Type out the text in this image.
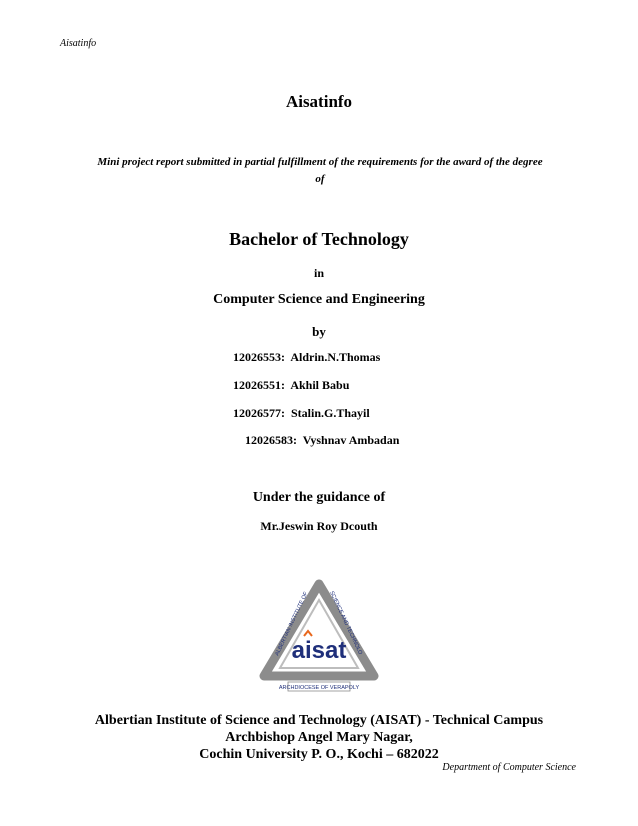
Aisatinfo
Aisatinfo
Mini project report submitted in partial fulfillment of the requirements for the award of the degree
of
Bachelor of Technology
in
Computer Science and Engineering
by
12026553:  Aldrin.N.Thomas
12026551:  Akhil Babu
12026577:  Stalin.G.Thayil
12026583:  Vyshnav Ambadan
Under the guidance of
Mr.Jeswin Roy Dcouth
ALBERTIAN INSTITUTE OF	SCIENCE AND TECHNOLO
aisat
ARCHDIOCESE OF VERAPOLY
Albertian Institute of Science and Technology (AISAT) - Technical Campus
Archbishop Angel Mary Nagar,
Cochin University P. O., Kochi – 682022
Department of Computer Science
